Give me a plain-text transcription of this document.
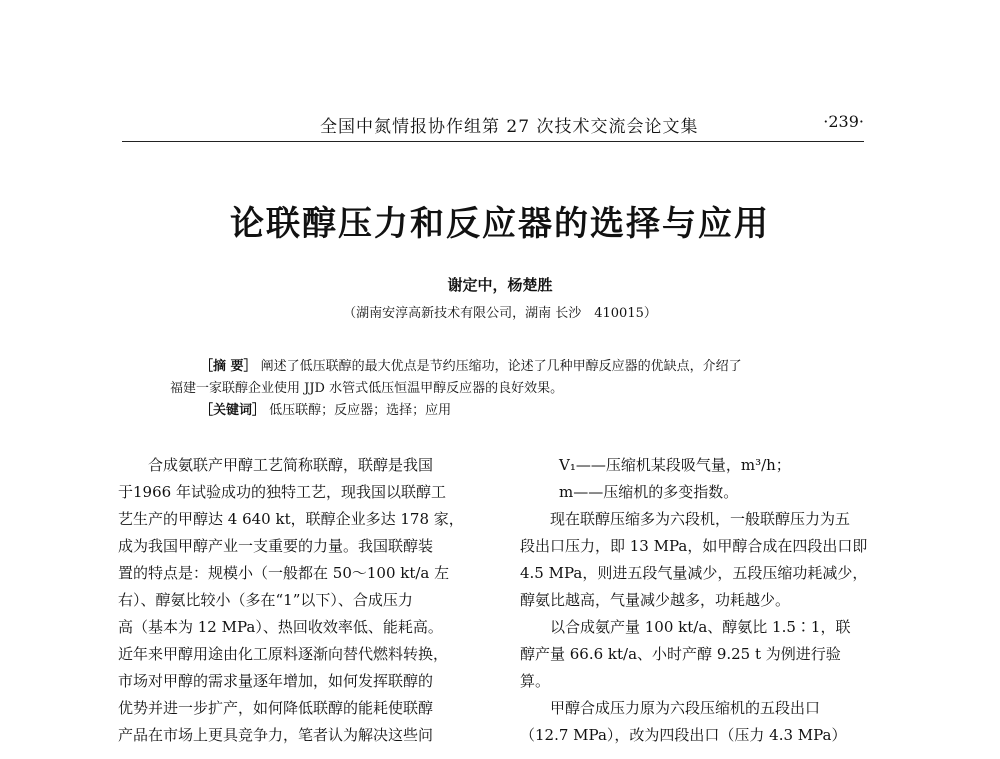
全国中氮情报协作组第 27 次技术交流会论文集	·239·
论联醇压力和反应器的选择与应用
谢定中，杨楚胜
（湖南安淳高新技术有限公司，湖南 长沙　410015）

［摘 要］ 阐述了低压联醇的最大优点是节约压缩功，论述了几种甲醇反应器的优缺点，介绍了

福建一家联醇企业使用 JJD 水管式低压恒温甲醇反应器的良好效果。

［关键词］ 低压联醇；反应器；选择；应用

合成氨联产甲醇工艺简称联醇，联醇是我国

于1966 年试验成功的独特工艺，现我国以联醇工

艺生产的甲醇达 4 640 kt，联醇企业多达 178 家，

成为我国甲醇产业一支重要的力量。我国联醇装

置的特点是：规模小（一般都在 50～100 kt/a 左

右）、醇氨比较小（多在“1”以下）、合成压力

高（基本为 12 MPa）、热回收效率低、能耗高。

近年来甲醇用途由化工原料逐渐向替代燃料转换，

市场对甲醇的需求量逐年增加，如何发挥联醇的

优势并进一步扩产，如何降低联醇的能耗使联醇

产品在市场上更具竞争力，笔者认为解决这些问

V₁——压缩机某段吸气量，m³/h；

m——压缩机的多变指数。

现在联醇压缩多为六段机，一般联醇压力为五

段出口压力，即 13 MPa，如甲醇合成在四段出口即

4.5 MPa，则进五段气量减少，五段压缩功耗减少，

醇氨比越高，气量减少越多，功耗越少。

以合成氨产量 100 kt/a、醇氨比 1.5∶1，联

醇产量 66.6 kt/a、小时产醇 9.25 t 为例进行验

算。

甲醇合成压力原为六段压缩机的五段出口

（12.7 MPa），改为四段出口（压力 4.3 MPa）
